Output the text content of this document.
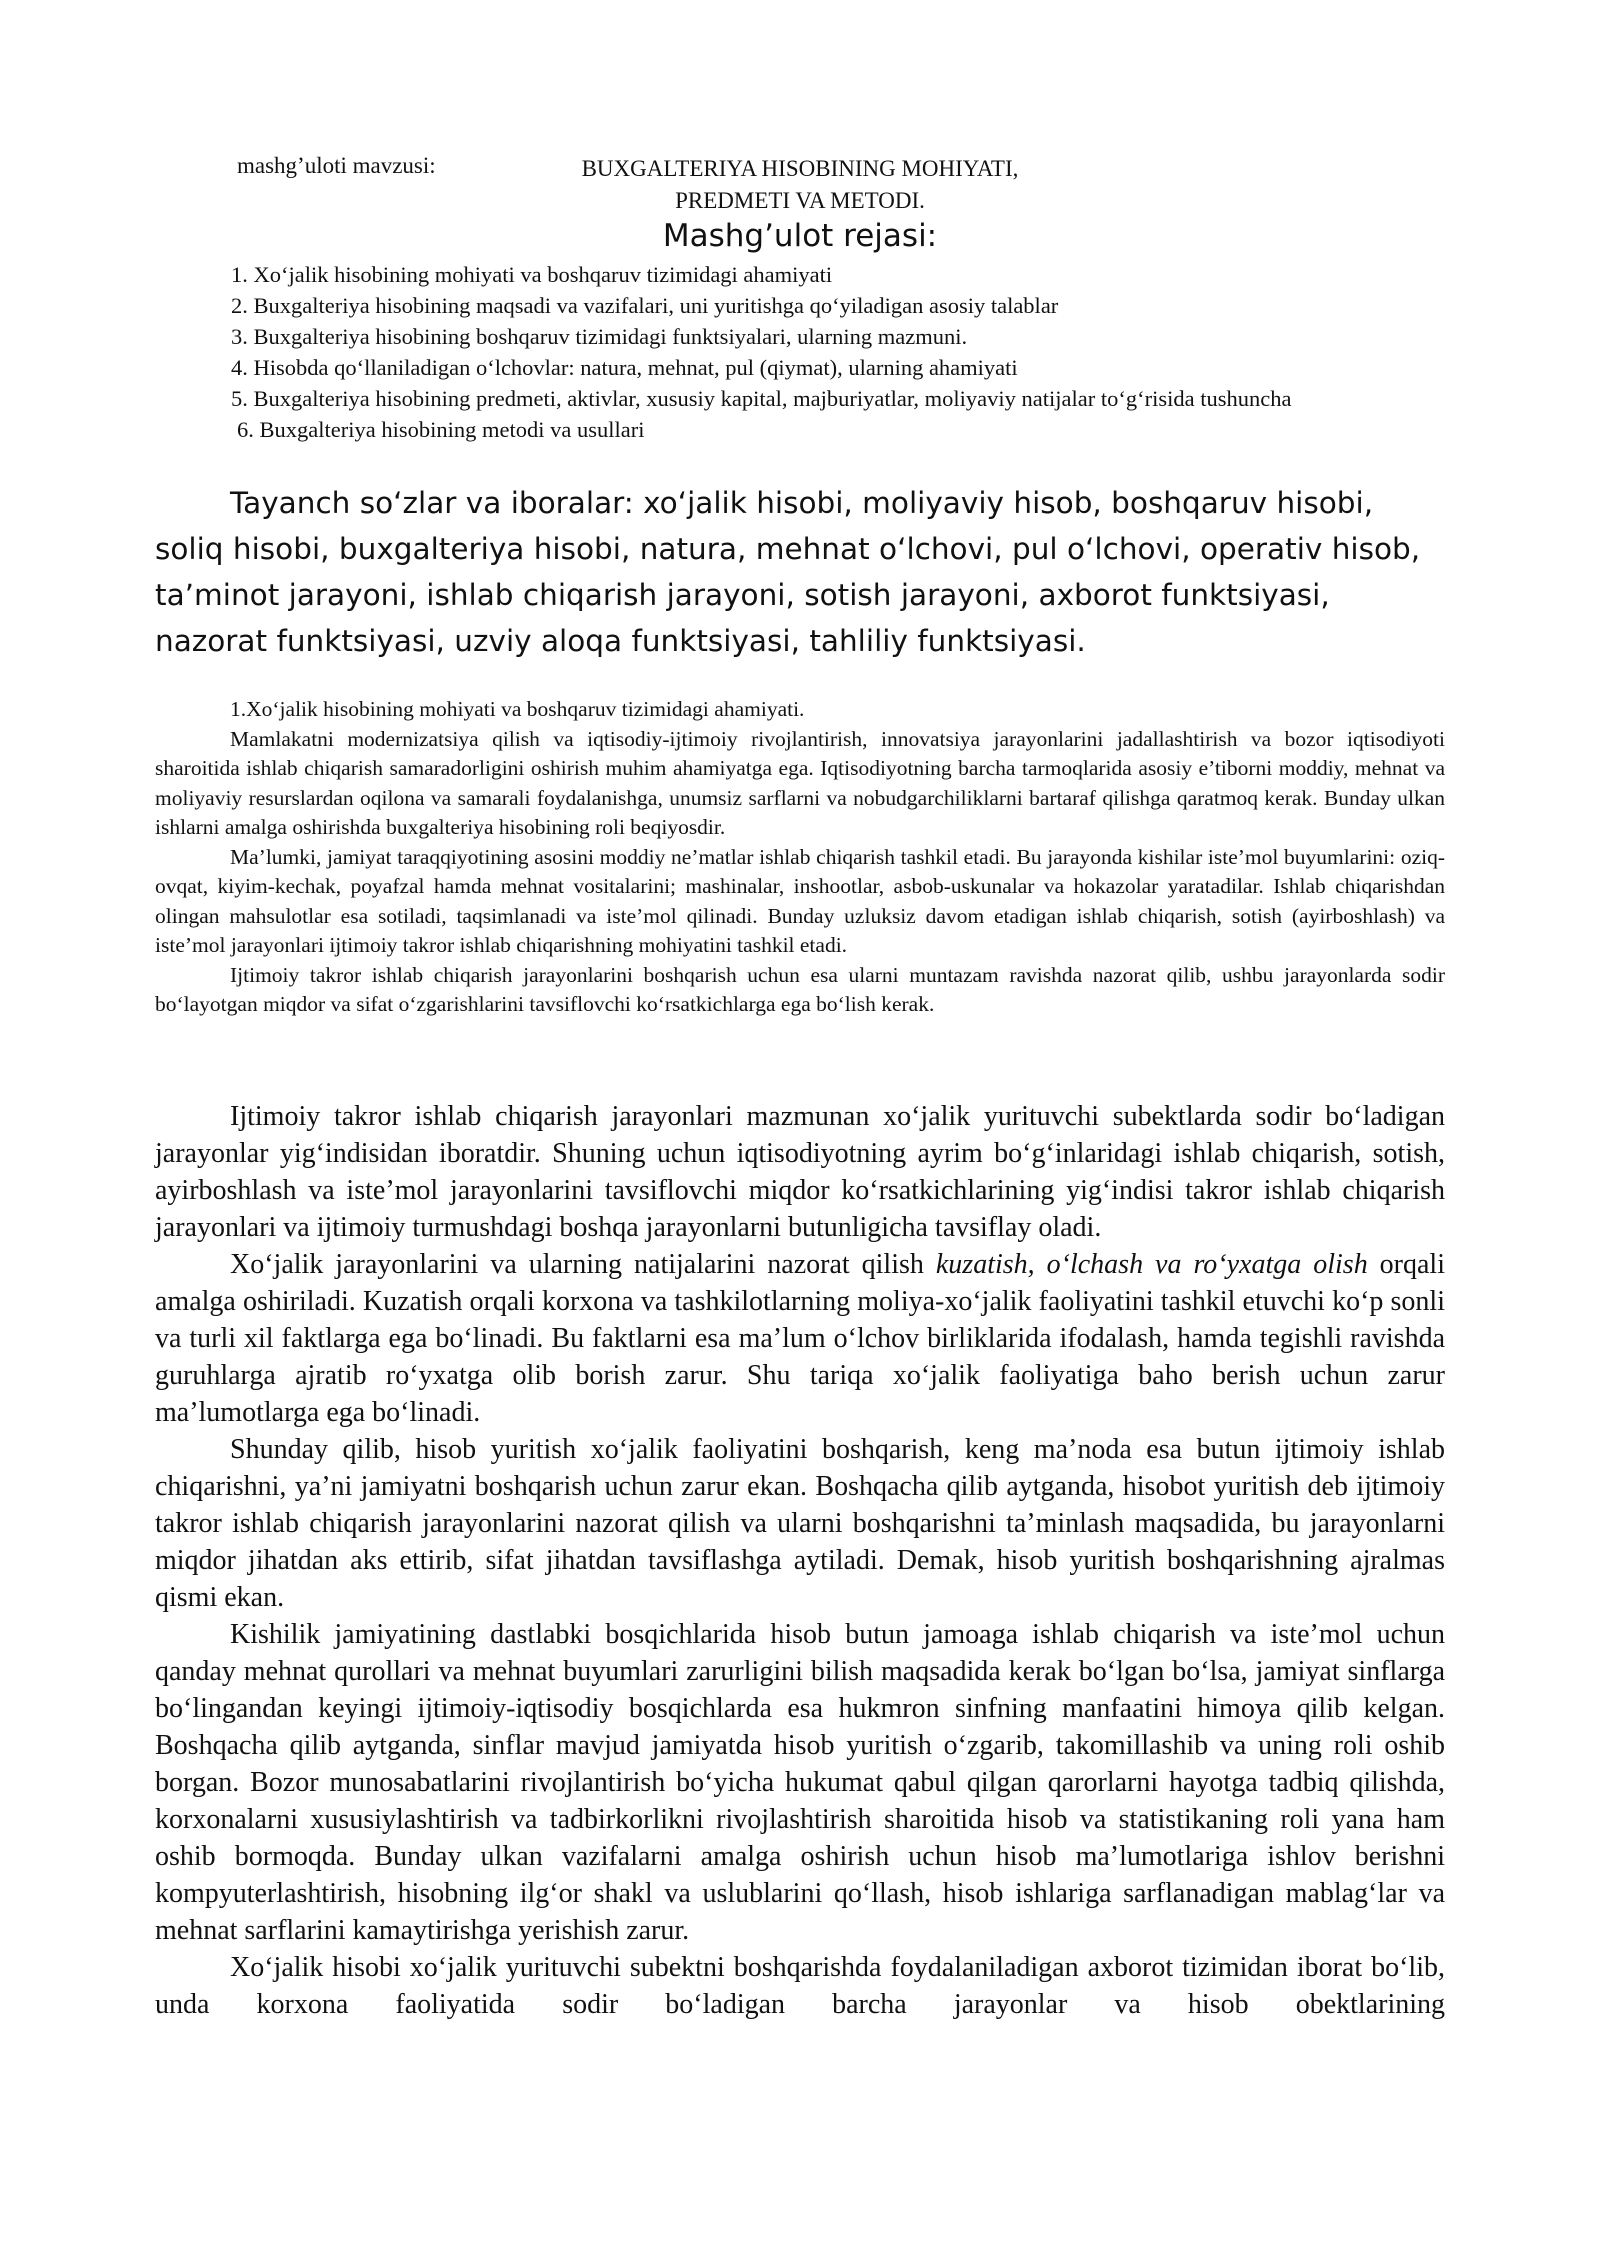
mashg’uloti mavzusi:	BUXGALTERIYA HISOBINING MOHIYATI,
PREDMETI VA METODI.
Mashg’ulot rejasi:

1. Xo‘jalik hisobining mohiyati va boshqaruv tizimidagi ahamiyati

2. Buxgalteriya hisobining maqsadi va vazifalari, uni yuritishga qo‘yiladigan asosiy talablar

3. Buxgalteriya hisobining boshqaruv tizimidagi funktsiyalari, ularning mazmuni.

4. Hisobda qo‘llaniladigan o‘lchovlar: natura, mehnat, pul (qiymat), ularning ahamiyati

5. Buxgalteriya hisobining predmeti, aktivlar, xususiy kapital, majburiyatlar, moliyaviy natijalar to‘g‘risida tushuncha

6. Buxgalteriya hisobining metodi va usullari

Tayanch so‘zlar va iboralar: xo‘jalik hisobi, moliyaviy hisob, boshqaruv hisobi, soliq hisobi, buxgalteriya hisobi, natura, mehnat o‘lchovi, pul o‘lchovi, operativ hisob, ta’minot jarayoni, ishlab chiqarish jarayoni, sotish jarayoni, axborot funktsiyasi, nazorat funktsiyasi, uzviy aloqa funktsiyasi, tahliliy funktsiyasi.

1.Xo‘jalik hisobining mohiyati va boshqaruv tizimidagi ahamiyati.

Mamlakatni modernizatsiya qilish va iqtisodiy-ijtimoiy rivojlantirish, innovatsiya jarayonlarini jadallashtirish va bozor iqtisodiyoti sharoitida ishlab chiqarish samaradorligini oshirish muhim ahamiyatga ega. Iqtisodiyotning barcha tarmoqlarida asosiy e’tiborni moddiy, mehnat va moliyaviy resurslardan oqilona va samarali foydalanishga, unumsiz sarflarni va nobudgarchiliklarni bartaraf qilishga qaratmoq kerak. Bunday ulkan ishlarni amalga oshirishda buxgalteriya hisobining roli beqiyosdir.

Ma’lumki, jamiyat taraqqiyotining asosini moddiy ne’matlar ishlab chiqarish tashkil etadi. Bu jarayonda kishilar iste’mol buyumlarini: oziq-ovqat, kiyim-kechak, poyafzal hamda mehnat vositalarini; mashinalar, inshootlar, asbob-uskunalar va hokazolar yaratadilar. Ishlab chiqarishdan olingan mahsulotlar esa sotiladi, taqsimlanadi va iste’mol qilinadi. Bunday uzluksiz davom etadigan ishlab chiqarish, sotish (ayirboshlash) va iste’mol jarayonlari ijtimoiy takror ishlab chiqarishning mohiyatini tashkil etadi.

Ijtimoiy takror ishlab chiqarish jarayonlarini boshqarish uchun esa ularni muntazam ravishda nazorat qilib, ushbu jarayonlarda sodir bo‘layotgan miqdor va sifat o‘zgarishlarini tavsiflovchi ko‘rsatkichlarga ega bo‘lish kerak.

Ijtimoiy takror ishlab chiqarish jarayonlari mazmunan xo‘jalik yurituvchi subektlarda sodir bo‘ladigan jarayonlar yig‘indisidan iboratdir. Shuning uchun iqtisodiyotning ayrim bo‘g‘inlaridagi ishlab chiqarish, sotish, ayirboshlash va iste’mol jarayonlarini tavsiflovchi miqdor ko‘rsatkichlarining yig‘indisi takror ishlab chiqarish jarayonlari va ijtimoiy turmushdagi boshqa jarayonlarni butunligicha tavsiflay oladi.

Xo‘jalik jarayonlarini va ularning natijalarini nazorat qilish kuzatish, o‘lchash va ro‘yxatga olish orqali amalga oshiriladi. Kuzatish orqali korxona va tashkilotlarning moliya-xo‘jalik faoliyatini tashkil etuvchi ko‘p sonli va turli xil faktlarga ega bo‘linadi. Bu faktlarni esa ma’lum o‘lchov birliklarida ifodalash, hamda tegishli ravishda guruhlarga ajratib ro‘yxatga olib borish zarur. Shu tariqa xo‘jalik faoliyatiga baho berish uchun zarur ma’lumotlarga ega bo‘linadi.

Shunday qilib, hisob yuritish xo‘jalik faoliyatini boshqarish, keng ma’noda esa butun ijtimoiy ishlab chiqarishni, ya’ni jamiyatni boshqarish uchun zarur ekan. Boshqacha qilib aytganda, hisobot yuritish deb ijtimoiy takror ishlab chiqarish jarayonlarini nazorat qilish va ularni boshqarishni ta’minlash maqsadida, bu jarayonlarni miqdor jihatdan aks ettirib, sifat jihatdan tavsiflashga aytiladi. Demak, hisob yuritish boshqarishning ajralmas qismi ekan.

Kishilik jamiyatining dastlabki bosqichlarida hisob butun jamoaga ishlab chiqarish va iste’mol uchun qanday mehnat qurollari va mehnat buyumlari zarurligini bilish maqsadida kerak bo‘lgan bo‘lsa, jamiyat sinflarga bo‘lingandan keyingi ijtimoiy-iqtisodiy bosqichlarda esa hukmron sinfning manfaatini himoya qilib kelgan. Boshqacha qilib aytganda, sinflar mavjud jamiyatda hisob yuritish o‘zgarib, takomillashib va uning roli oshib borgan. Bozor munosabatlarini rivojlantirish bo‘yicha hukumat qabul qilgan qarorlarni hayotga tadbiq qilishda, korxonalarni xususiylashtirish va tadbirkorlikni rivojlashtirish sharoitida hisob va statistikaning roli yana ham oshib bormoqda. Bunday ulkan vazifalarni amalga oshirish uchun hisob ma’lumotlariga ishlov berishni kompyuterlashtirish, hisobning ilg‘or shakl va uslublarini qo‘llash, hisob ishlariga sarflanadigan mablag‘lar va mehnat sarflarini kamaytirishga yerishish zarur.

Xo‘jalik hisobi xo‘jalik yurituvchi subektni boshqarishda foydalaniladigan axborot tizimidan iborat bo‘lib, unda korxona faoliyatida sodir bo‘ladigan barcha jarayonlar va hisob obektlarining
